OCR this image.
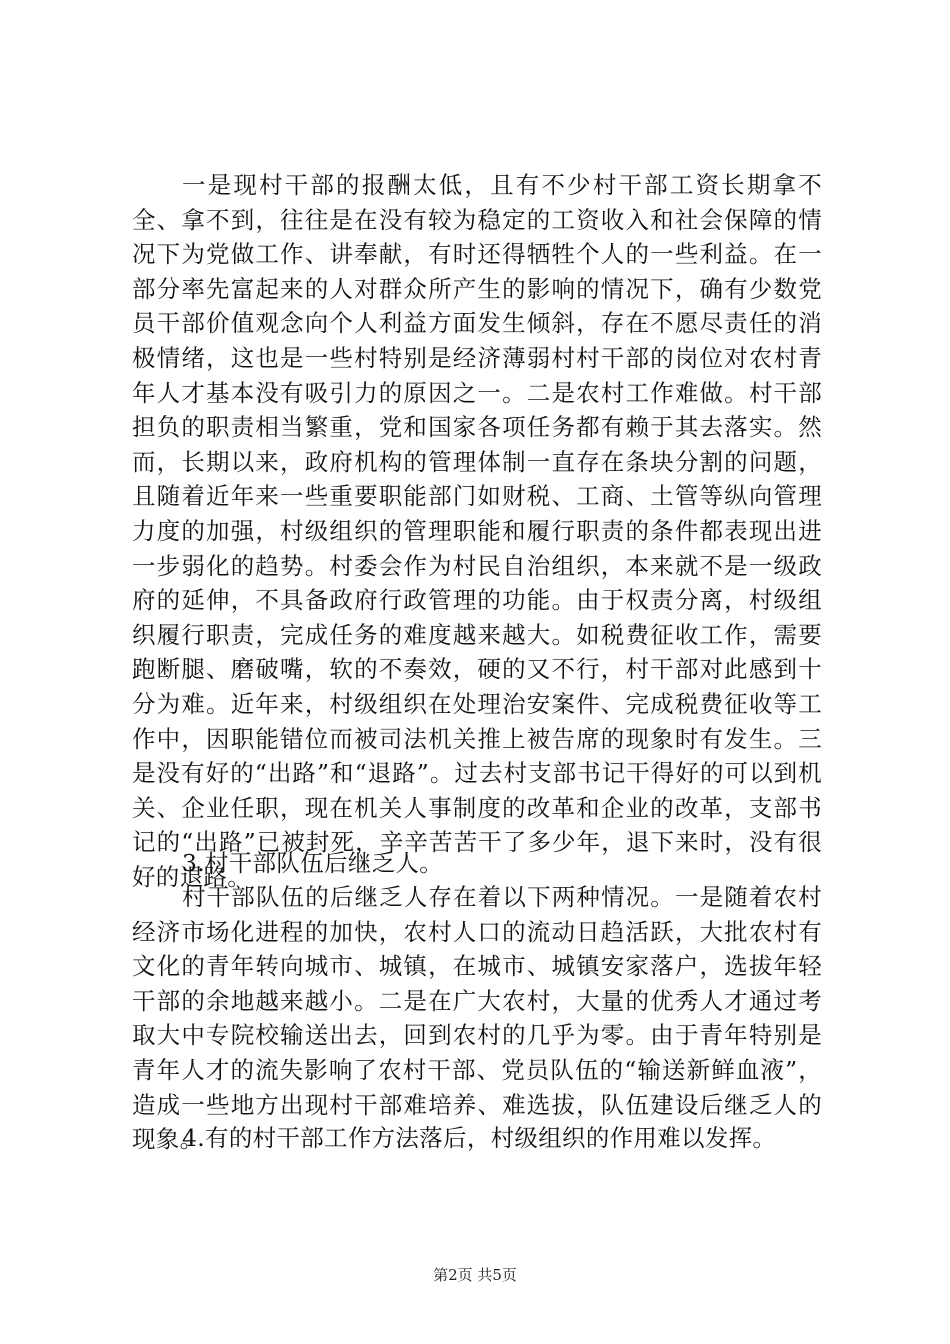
一是现村干部的报酬太低，且有不少村干部工资长期拿不全、拿不到，往往是在没有较为稳定的工资收入和社会保障的情况下为党做工作、讲奉献，有时还得牺牲个人的一些利益。在一部分率先富起来的人对群众所产生的影响的情况下，确有少数党员干部价值观念向个人利益方面发生倾斜，存在不愿尽责任的消极情绪，这也是一些村特别是经济薄弱村村干部的岗位对农村青年人才基本没有吸引力的原因之一。二是农村工作难做。村干部担负的职责相当繁重，党和国家各项任务都有赖于其去落实。然而，长期以来，政府机构的管理体制一直存在条块分割的问题，且随着近年来一些重要职能部门如财税、工商、土管等纵向管理力度的加强，村级组织的管理职能和履行职责的条件都表现出进一步弱化的趋势。村委会作为村民自治组织，本来就不是一级政府的延伸，不具备政府行政管理的功能。由于权责分离，村级组织履行职责，完成任务的难度越来越大。如税费征收工作，需要跑断腿、磨破嘴，软的不奏效，硬的又不行，村干部对此感到十分为难。近年来，村级组织在处理治安案件、完成税费征收等工作中，因职能错位而被司法机关推上被告席的现象时有发生。三是没有好的“出路”和“退路”。过去村支部书记干得好的可以到机关、企业任职，现在机关人事制度的改革和企业的改革，支部书记的“出路”已被封死，辛辛苦苦干了多少年，退下来时，没有很好的退路。

3.村干部队伍后继乏人。

村干部队伍的后继乏人存在着以下两种情况。一是随着农村经济市场化进程的加快，农村人口的流动日趋活跃，大批农村有文化的青年转向城市、城镇，在城市、城镇安家落户，选拔年轻干部的余地越来越小。二是在广大农村，大量的优秀人才通过考取大中专院校输送出去，回到农村的几乎为零。由于青年特别是青年人才的流失影响了农村干部、党员队伍的“输送新鲜血液”，造成一些地方出现村干部难培养、难选拔，队伍建设后继乏人的现象。

4.有的村干部工作方法落后，村级组织的作用难以发挥。

第2页 共5页
